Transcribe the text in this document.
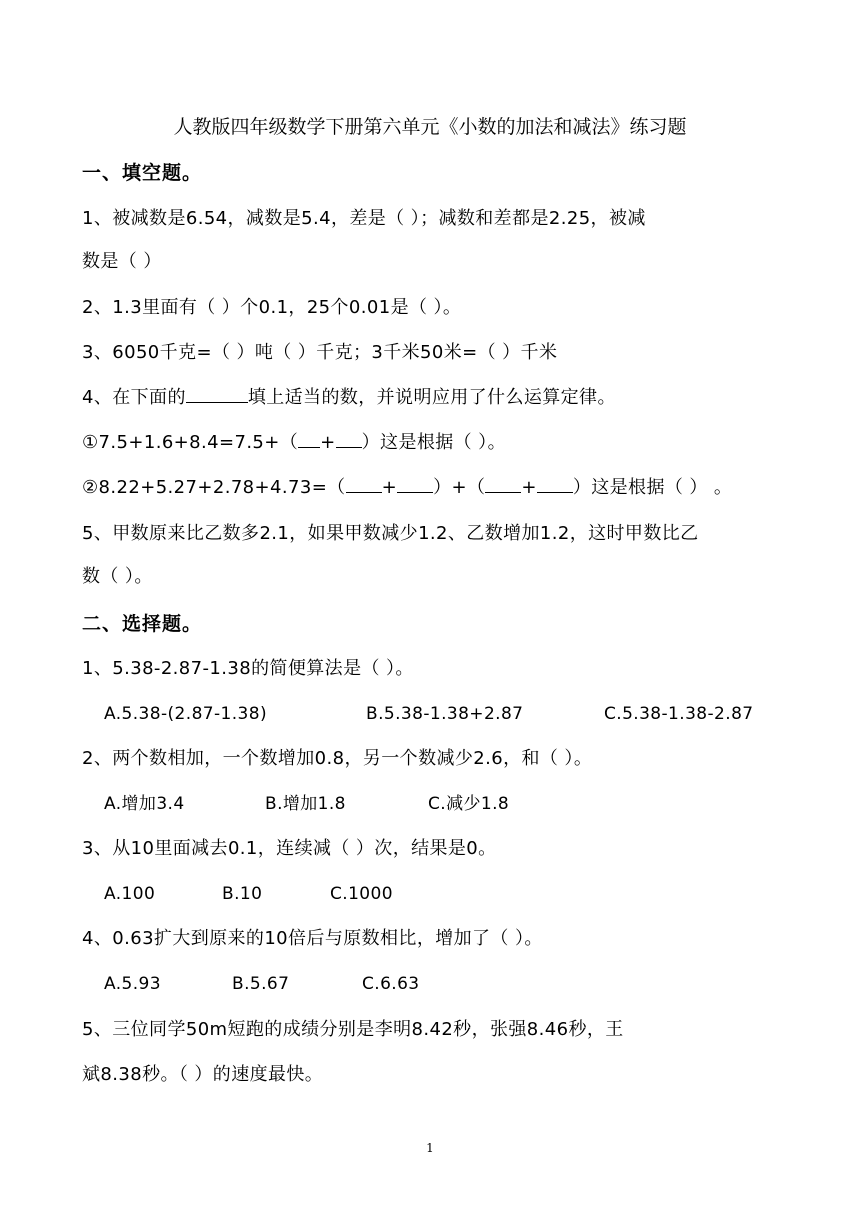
人教版四年级数学下册第六单元《小数的加法和减法》练习题
一、填空题。
1、被减数是6.54，减数是5.4，差是（ ）；减数和差都是2.25，被减
数是（ ）
2、1.3里面有（ ）个0.1，25个0.01是（ ）。
3、6050千克=（ ）吨（ ）千克；3千米50米=（ ）千米
4、在下面的	填上适当的数，并说明应用了什么运算定律。
①7.5+1.6+8.4=7.5+（ + ）这是根据（ ）。
②8.22+5.27+2.78+4.73=（ + ）+（ + ）这是根据（ ） 。
5、甲数原来比乙数多2.1，如果甲数减少1.2、乙数增加1.2，这时甲数比乙
数（ ）。
二、选择题。
1、5.38-2.87-1.38的简便算法是（ ）。
A.5.38-(2.87-1.38)	B.5.38-1.38+2.87	C.5.38-1.38-2.87
2、两个数相加，一个数增加0.8，另一个数减少2.6，和（ ）。
A.增加3.4	B.增加1.8	C.减少1.8
3、从10里面减去0.1，连续减（ ）次，结果是0。
A.100	B.10	C.1000
4、0.63扩大到原来的10倍后与原数相比，增加了（ ）。
A.5.93	B.5.67	C.6.63
5、三位同学50m短跑的成绩分别是李明8.42秒，张强8.46秒，王
斌8.38秒。（ ）的速度最快。
1
